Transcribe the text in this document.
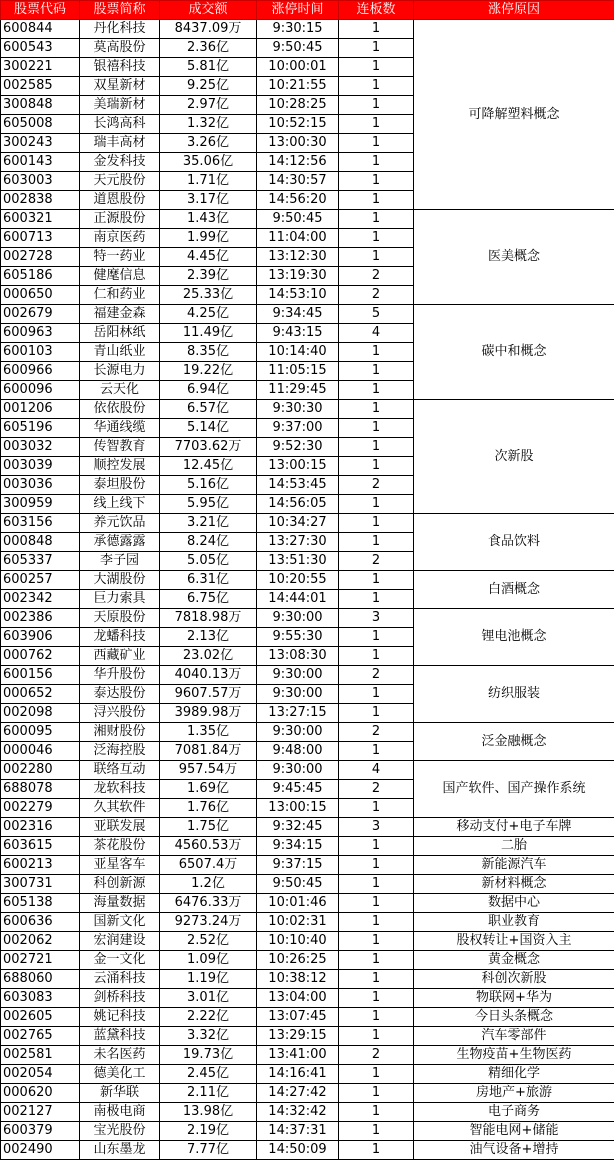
股票代码	股票简称	成交额	涨停时间	连板数	涨停原因
600844	丹化科技	8437.09万	9:30:15	1	可降解塑料概念
600543	莫高股份	2.36亿	9:50:45	1	
300221	银禧科技	5.81亿	10:00:01	1	
002585	双星新材	9.25亿	10:21:55	1	
300848	美瑞新材	2.97亿	10:28:25	1	
605008	长鸿高科	1.32亿	10:52:15	1	
300243	瑞丰高材	3.26亿	13:00:30	1	
600143	金发科技	35.06亿	14:12:56	1	
603003	天元股份	1.71亿	14:30:57	1	
002838	道恩股份	3.17亿	14:56:20	1	
600321	正源股份	1.43亿	9:50:45	1	医美概念
600713	南京医药	1.99亿	11:04:00	1	
002728	特一药业	4.45亿	13:12:30	1	
605186	健麾信息	2.39亿	13:19:30	2	
000650	仁和药业	25.33亿	14:53:10	2	
002679	福建金森	4.25亿	9:34:45	5	碳中和概念
600963	岳阳林纸	11.49亿	9:43:15	4	
600103	青山纸业	8.35亿	10:14:40	1	
600966	长源电力	19.22亿	11:05:15	1	
600096	云天化	6.94亿	11:29:45	1	
001206	依依股份	6.57亿	9:30:30	1	次新股
605196	华通线缆	5.14亿	9:37:00	1	
003032	传智教育	7703.62万	9:52:30	1	
003039	顺控发展	12.45亿	13:00:15	1	
003036	泰坦股份	5.16亿	14:53:45	2	
300959	线上线下	5.95亿	14:56:05	1	
603156	养元饮品	3.21亿	10:34:27	1	食品饮料
000848	承德露露	8.24亿	13:27:30	1	
605337	李子园	5.05亿	13:51:30	2	
600257	大湖股份	6.31亿	10:20:55	1	白酒概念
002342	巨力索具	6.75亿	14:44:01	1	
002386	天原股份	7818.98万	9:30:00	3	锂电池概念
603906	龙蟠科技	2.13亿	9:55:30	1	
000762	西藏矿业	23.02亿	13:08:30	1	
600156	华升股份	4040.13万	9:30:00	2	纺织服装
000652	泰达股份	9607.57万	9:30:00	1	
002098	浔兴股份	3989.98万	13:27:15	1	
600095	湘财股份	1.35亿	9:30:00	2	泛金融概念
000046	泛海控股	7081.84万	9:48:00	1	
002280	联络互动	957.54万	9:30:00	4	国产软件、国产操作系统
688078	龙软科技	1.69亿	9:45:45	2	
002279	久其软件	1.76亿	13:00:15	1	
002316	亚联发展	1.75亿	9:32:45	3	移动支付+电子车牌
603615	茶花股份	4560.53万	9:34:15	1	二胎
600213	亚星客车	6507.4万	9:37:15	1	新能源汽车
300731	科创新源	1.2亿	9:50:45	1	新材料概念
605138	海量数据	6476.33万	10:01:46	1	数据中心
600636	国新文化	9273.24万	10:02:31	1	职业教育
002062	宏润建设	2.52亿	10:10:40	1	股权转让+国资入主
002721	金一文化	1.09亿	10:26:25	1	黄金概念
688060	云涌科技	1.19亿	10:38:12	1	科创次新股
603083	剑桥科技	3.01亿	13:04:00	1	物联网+华为
002605	姚记科技	2.22亿	13:07:45	1	今日头条概念
002765	蓝黛科技	3.32亿	13:29:15	1	汽车零部件
002581	未名医药	19.73亿	13:41:00	2	生物疫苗+生物医药
002054	德美化工	2.45亿	14:16:41	1	精细化学
000620	新华联	2.11亿	14:27:42	1	房地产+旅游
002127	南极电商	13.98亿	14:32:42	1	电子商务
600379	宝光股份	2.19亿	14:37:31	1	智能电网+储能
002490	山东墨龙	7.77亿	14:50:09	1	油气设备+增持
